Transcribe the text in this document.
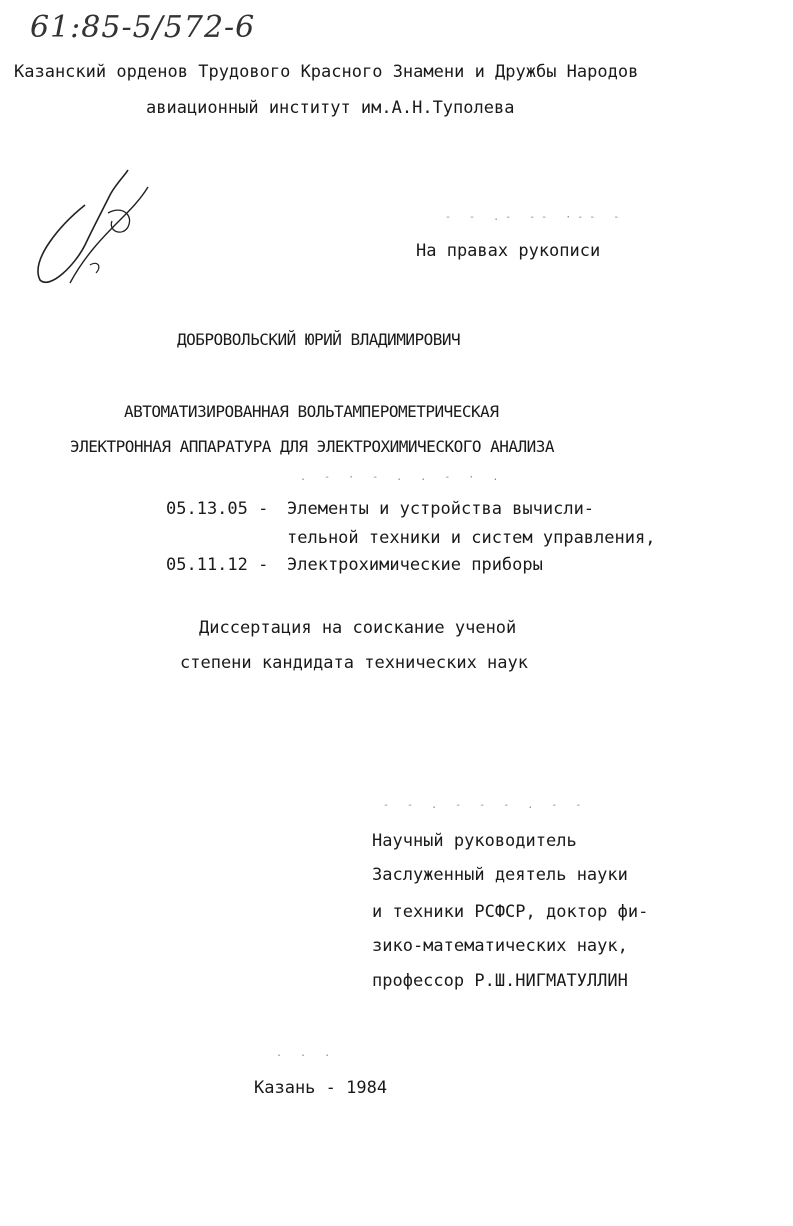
61:85-5/572-6
Казанский орденов Трудового Красного Знамени и Дружбы Народов
авиационный институт им.А.Н.Туполева
- - .- -- ·-- -
На правах рукописи
ДОБРОВОЛЬСКИЙ ЮРИЙ ВЛАДИМИРОВИЧ
АВТОМАТИЗИРОВАННАЯ ВОЛЬТАМПЕРОМЕТРИЧЕСКАЯ
ЭЛЕКТРОННАЯ АППАРАТУРА ДЛЯ ЭЛЕКТРОХИМИЧЕСКОГО АНАЛИЗА
. - · - . . - · .
05.13.05 - Элементы и устройства вычисли-
тельной техники и систем управления,
05.11.12 - Электрохимические приборы
Диссертация на соискание ученой
степени кандидата технических наук
- - . - - - . - -
Научный руководитель
Заслуженный деятель науки
и техники РСФСР, доктор фи-
зико-математических наук,
профессор Р.Ш.НИГМАТУЛЛИН
. . .
Казань - 1984
